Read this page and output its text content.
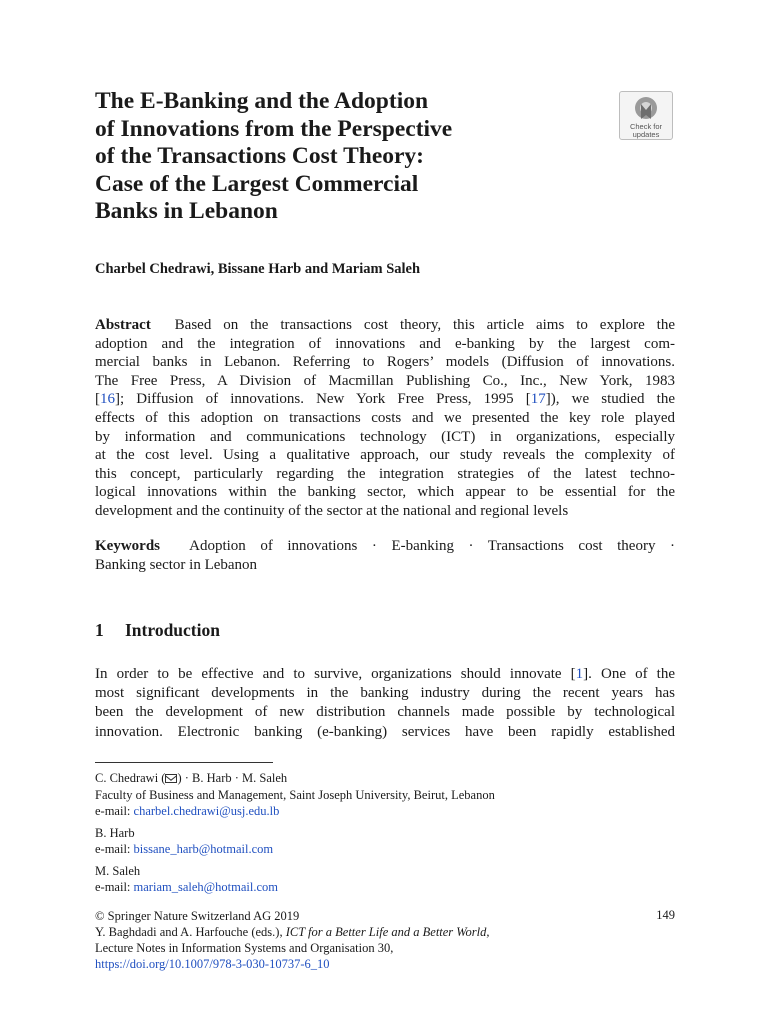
The E-Banking and the Adoption
of Innovations from the Perspective
of the Transactions Cost Theory:
Case of the Largest Commercial
Banks in Lebanon
Check for
updates
Charbel Chedrawi, Bissane Harb and Mariam Saleh
Abstract Based on the transactions cost theory, this article aims to explore the
adoption and the integration of innovations and e-banking by the largest com-
mercial banks in Lebanon. Referring to Rogers’ models (Diffusion of innovations.
The Free Press, A Division of Macmillan Publishing Co., Inc., New York, 1983
[16]; Diffusion of innovations. New York Free Press, 1995 [17]), we studied the
effects of this adoption on transactions costs and we presented the key role played
by information and communications technology (ICT) in organizations, especially
at the cost level. Using a qualitative approach, our study reveals the complexity of
this concept, particularly regarding the integration strategies of the latest techno-
logical innovations within the banking sector, which appear to be essential for the
development and the continuity of the sector at the national and regional levels
Keywords Adoption of innovations · E-banking · Transactions cost theory ·
Banking sector in Lebanon
1 Introduction
In order to be effective and to survive, organizations should innovate [1]. One of the
most significant developments in the banking industry during the recent years has
been the development of new distribution channels made possible by technological
innovation. Electronic banking (e-banking) services have been rapidly established
C. Chedrawi ( ) · B. Harb · M. Saleh
Faculty of Business and Management, Saint Joseph University, Beirut, Lebanon
e-mail: charbel.chedrawi@usj.edu.lb
B. Harb
e-mail: bissane_harb@hotmail.com
M. Saleh
e-mail: mariam_saleh@hotmail.com
© Springer Nature Switzerland AG 2019	149
Y. Baghdadi and A. Harfouche (eds.), ICT for a Better Life and a Better World,
Lecture Notes in Information Systems and Organisation 30,
https://doi.org/10.1007/978-3-030-10737-6_10
